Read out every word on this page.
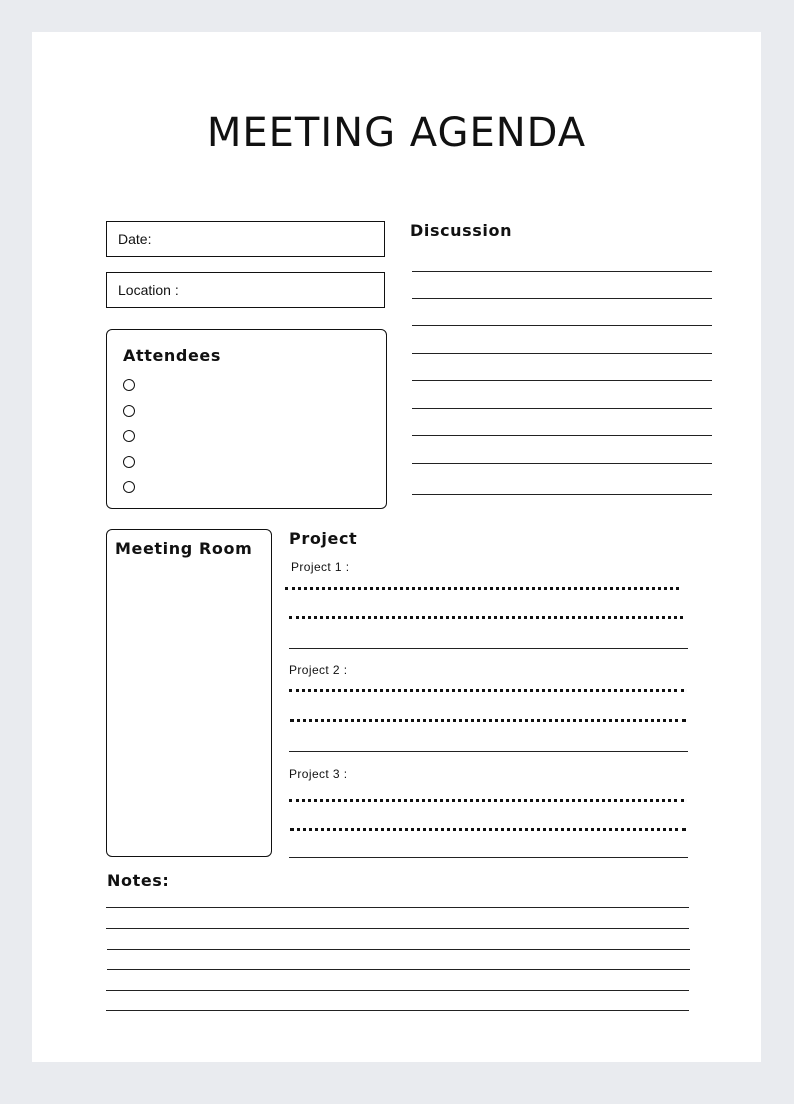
MEETING AGENDA
Date:
Location :
Attendees
Discussion
Meeting Room
Project
Project 1 :
Project 2 :
Project 3 :
Notes:
